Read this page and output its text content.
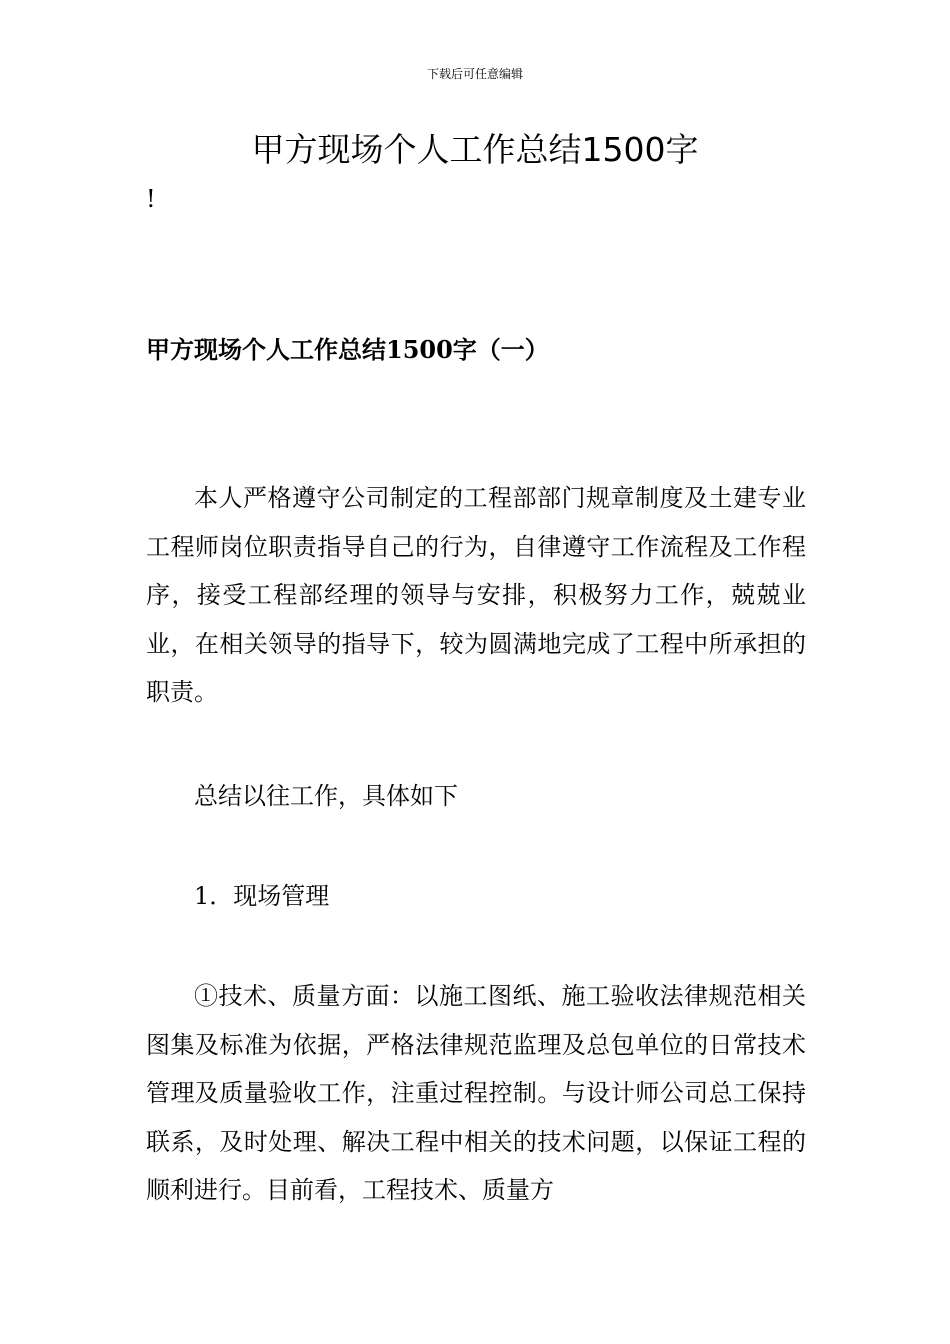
下载后可任意编辑
甲方现场个人工作总结1500字
!
甲方现场个人工作总结1500字（一）

本人严格遵守公司制定的工程部部门规章制度及土建专业工程师岗位职责指导自己的行为，自律遵守工作流程及工作程序，接受工程部经理的领导与安排，积极努力工作，兢兢业业，在相关领导的指导下，较为圆满地完成了工程中所承担的职责。

总结以往工作，具体如下

1．现场管理

①技术、质量方面：以施工图纸、施工验收法律规范相关图集及标准为依据，严格法律规范监理及总包单位的日常技术管理及质量验收工作，注重过程控制。与设计师公司总工保持联系，及时处理、解决工程中相关的技术问题，以保证工程的顺利进行。目前看，工程技术、质量方
